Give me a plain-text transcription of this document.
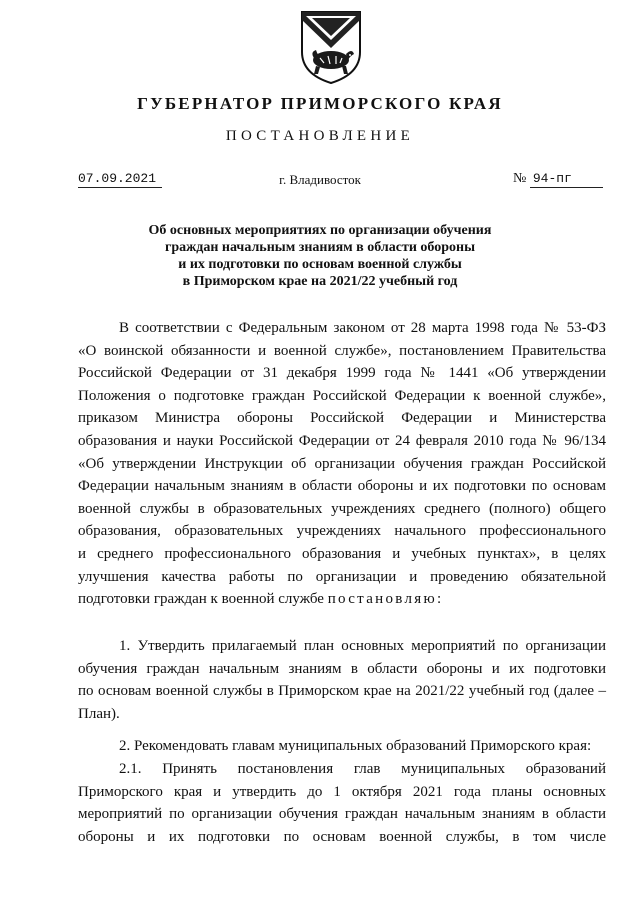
ГУБЕРНАТОР ПРИМОРСКОГО КРАЯ
ПОСТАНОВЛЕНИЕ
07.09.2021	г. Владивосток	№ 94-пг
Об основных мероприятиях по организации обучения
граждан начальным знаниям в области обороны
и их подготовки по основам военной службы
в Приморском крае на 2021/22 учебный год
В соответствии с Федеральным законом от 28 марта 1998 года № 53-ФЗ
«О воинской обязанности и военной службе», постановлением Правительства
Российской Федерации от 31 декабря 1999 года № 1441 «Об утверждении
Положения о подготовке граждан Российской Федерации к военной службе»,
приказом Министра обороны Российской Федерации и Министерства
образования и науки Российской Федерации от 24 февраля 2010 года № 96/134
«Об утверждении Инструкции об организации обучения граждан Российской
Федерации начальным знаниям в области обороны и их подготовки по основам
военной службы в образовательных учреждениях среднего (полного) общего
образования, образовательных учреждениях начального профессионального
и среднего профессионального образования и учебных пунктах», в целях
улучшения качества работы по организации и проведению обязательной
подготовки граждан к военной службе постановляю:
1. Утвердить прилагаемый план основных мероприятий по организации
обучения граждан начальным знаниям в области обороны и их подготовки
по основам военной службы в Приморском крае на 2021/22 учебный год (далее –
План).
2. Рекомендовать главам муниципальных образований Приморского края:
2.1. Принять постановления глав муниципальных образований
Приморского края и утвердить до 1 октября 2021 года планы основных
мероприятий по организации обучения граждан начальным знаниям в области
обороны и их подготовки по основам военной службы, в том числе
